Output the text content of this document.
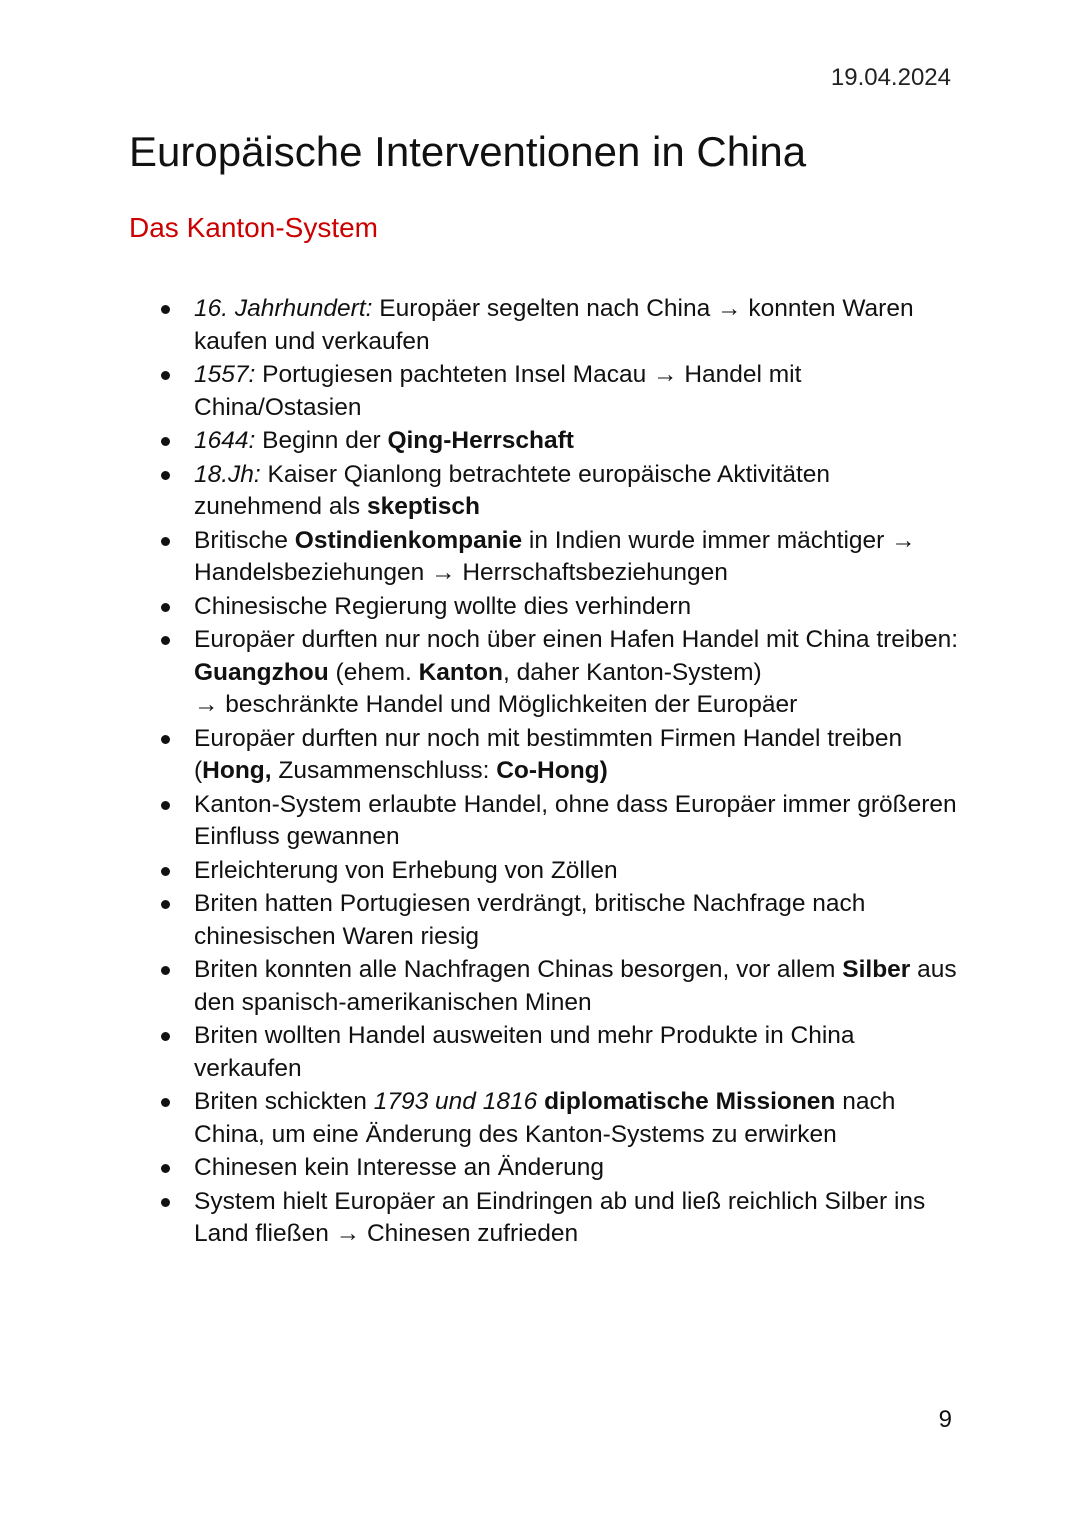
19.04.2024
Europäische Interventionen in China
Das Kanton-System
16. Jahrhundert: Europäer segelten nach China → konnten Waren kaufen und verkaufen
1557: Portugiesen pachteten Insel Macau → Handel mit China/Ostasien
1644: Beginn der Qing-Herrschaft
18.Jh: Kaiser Qianlong betrachtete europäische Aktivitäten zunehmend als skeptisch
Britische Ostindienkompanie in Indien wurde immer mächtiger → Handelsbeziehungen → Herrschaftsbeziehungen
Chinesische Regierung wollte dies verhindern
Europäer durften nur noch über einen Hafen Handel mit China treiben: Guangzhou (ehem. Kanton, daher Kanton-System)
→ beschränkte Handel und Möglichkeiten der Europäer
Europäer durften nur noch mit bestimmten Firmen Handel treiben (Hong, Zusammenschluss: Co-Hong)
Kanton-System erlaubte Handel, ohne dass Europäer immer größeren Einfluss gewannen
Erleichterung von Erhebung von Zöllen
Briten hatten Portugiesen verdrängt, britische Nachfrage nach chinesischen Waren riesig
Briten konnten alle Nachfragen Chinas besorgen, vor allem Silber aus den spanisch-amerikanischen Minen
Briten wollten Handel ausweiten und mehr Produkte in China verkaufen
Briten schickten 1793 und 1816 diplomatische Missionen nach China, um eine Änderung des Kanton-Systems zu erwirken
Chinesen kein Interesse an Änderung
System hielt Europäer an Eindringen ab und ließ reichlich Silber ins Land fließen → Chinesen zufrieden
9
